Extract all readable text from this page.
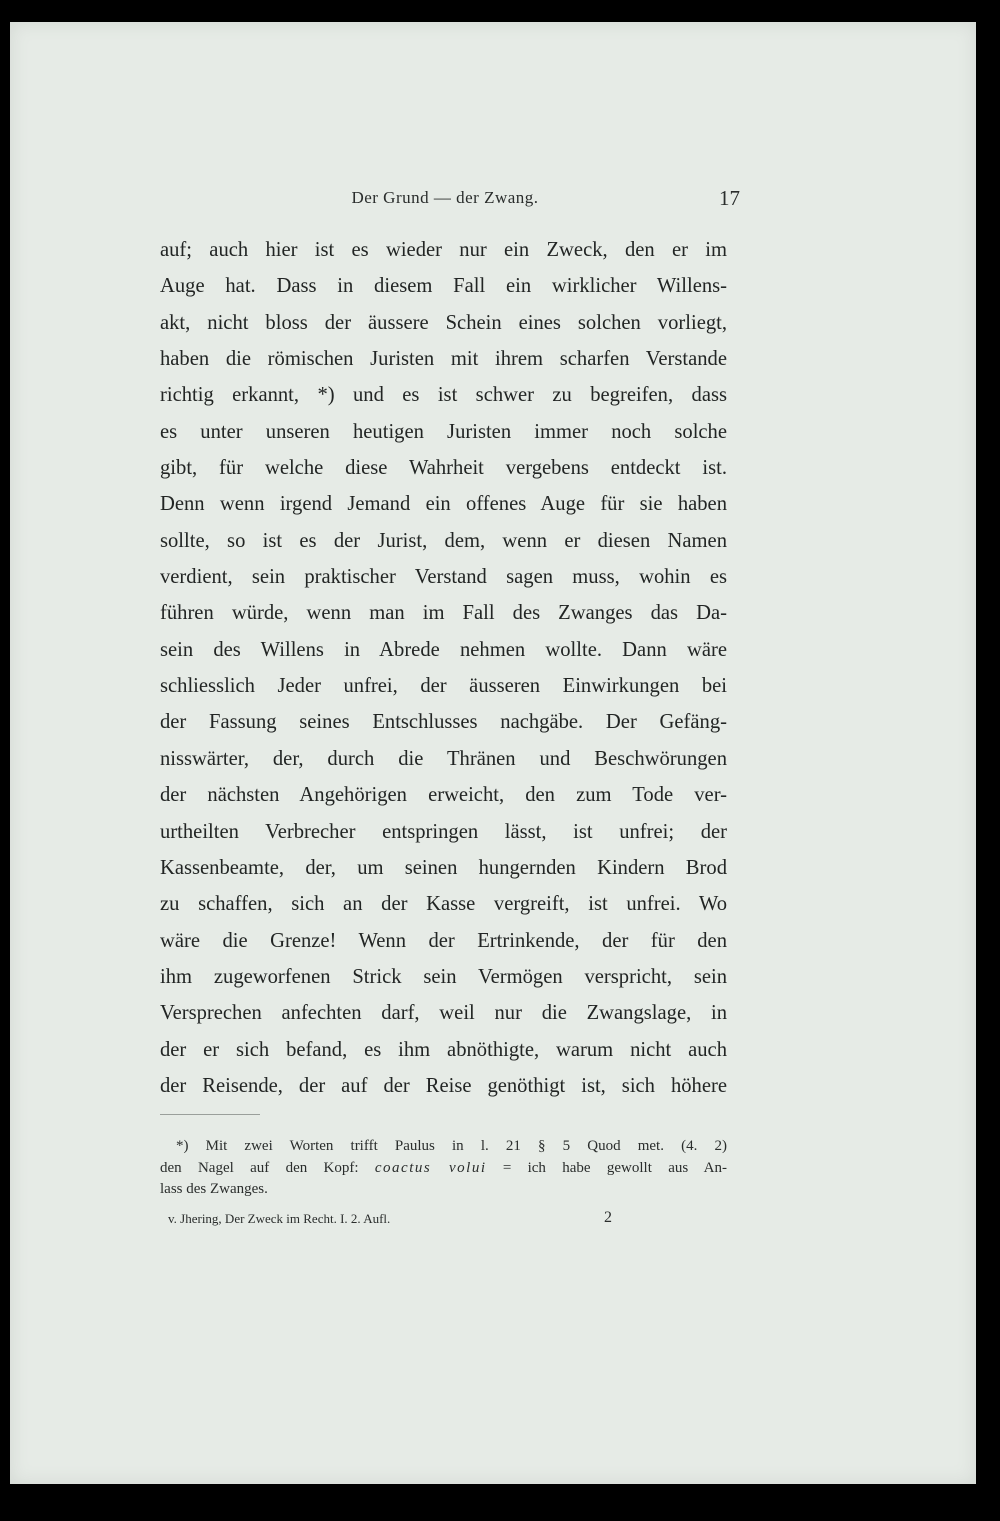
Der Grund — der Zwang.	17
auf; auch hier ist es wieder nur ein Zweck, den er im
Auge hat. Dass in diesem Fall ein wirklicher Willens-
akt, nicht bloss der äussere Schein eines solchen vorliegt,
haben die römischen Juristen mit ihrem scharfen Verstande
richtig erkannt, *) und es ist schwer zu begreifen, dass
es unter unseren heutigen Juristen immer noch solche
gibt, für welche diese Wahrheit vergebens entdeckt ist.
Denn wenn irgend Jemand ein offenes Auge für sie haben
sollte, so ist es der Jurist, dem, wenn er diesen Namen
verdient, sein praktischer Verstand sagen muss, wohin es
führen würde, wenn man im Fall des Zwanges das Da-
sein des Willens in Abrede nehmen wollte. Dann wäre
schliesslich Jeder unfrei, der äusseren Einwirkungen bei
der Fassung seines Entschlusses nachgäbe. Der Gefäng-
nisswärter, der, durch die Thränen und Beschwörungen
der nächsten Angehörigen erweicht, den zum Tode ver-
urtheilten Verbrecher entspringen lässt, ist unfrei; der
Kassenbeamte, der, um seinen hungernden Kindern Brod
zu schaffen, sich an der Kasse vergreift, ist unfrei. Wo
wäre die Grenze! Wenn der Ertrinkende, der für den
ihm zugeworfenen Strick sein Vermögen verspricht, sein
Versprechen anfechten darf, weil nur die Zwangslage, in
der er sich befand, es ihm abnöthigte, warum nicht auch
der Reisende, der auf der Reise genöthigt ist, sich höhere
*) Mit zwei Worten trifft Paulus in l. 21 § 5 Quod met. (4. 2)
den Nagel auf den Kopf: coactus volui = ich habe gewollt aus An-
lass des Zwanges.
v. Jhering, Der Zweck im Recht. I. 2. Aufl.	2
